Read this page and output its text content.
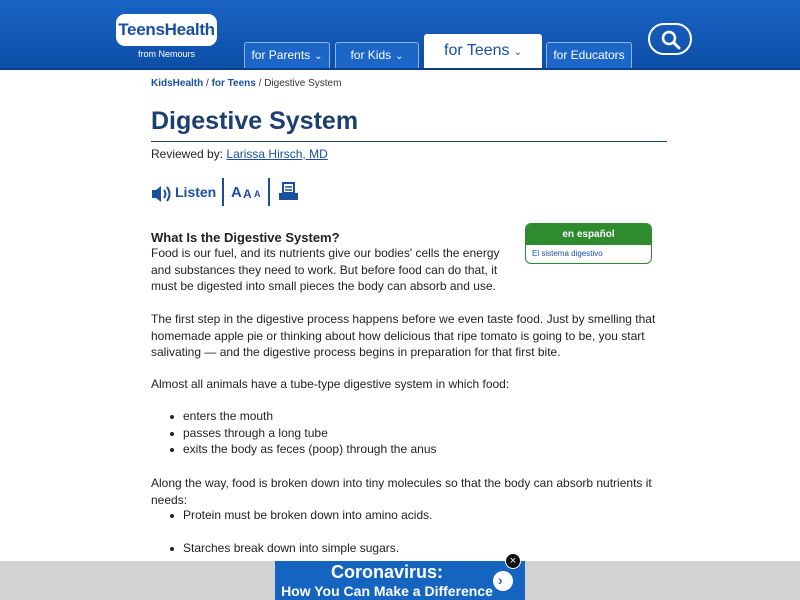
TeensHealth
from Nemours	for Parents ⌄	for Kids ⌄	for Teens ⌄	for Educators
KidsHealth / for Teens / Digestive System
Digestive System
Reviewed by: Larissa Hirsch, MD
Listen A A A
en español
El sistema digestivo
What Is the Digestive System?

Food is our fuel, and its nutrients give our bodies' cells the energy and substances they need to work. But before food can do that, it must be digested into small pieces the body can absorb and use.

The first step in the digestive process happens before we even taste food. Just by smelling that homemade apple pie or thinking about how delicious that ripe tomato is going to be, you start salivating — and the digestive process begins in preparation for that first bite.

Almost all animals have a tube-type digestive system in which food:

enters the mouth
passes through a long tube
exits the body as feces (poop) through the anus

Along the way, food is broken down into tiny molecules so that the body can absorb nutrients it needs:

Protein must be broken down into amino acids.
Starches break down into simple sugars.
Coronavirus:
How You Can Make a Difference
›
×
